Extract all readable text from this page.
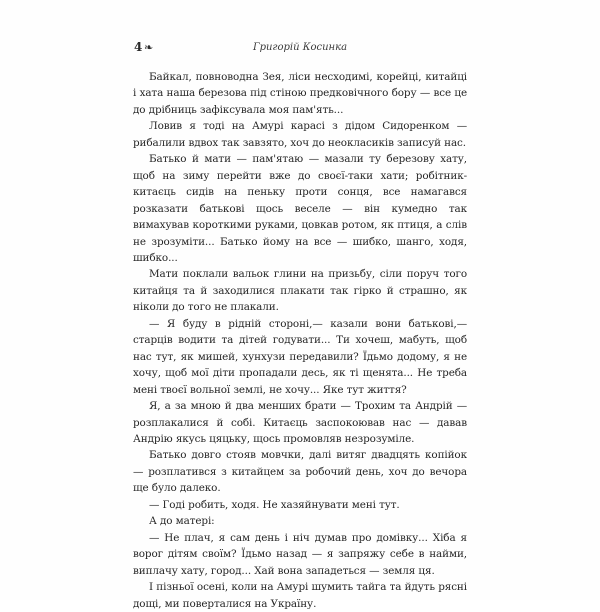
4 ❧	Григорій Косинка

Байкал, повноводна Зея, ліси несходимі, корейці, китайці і хата наша березова під стіною предковічного бору — все це до дрібниць зафіксувала моя пам'ять...

Ловив я тоді на Амурі карасі з дідом Сидоренком — рибалили вдвох так завзято, хоч до неокласиків записуй нас.

Батько й мати — пам'ятаю — мазали ту березову хату, щоб на зиму перейти вже до своєї-таки хати; робітник-китаєць сидів на пеньку проти сонця, все намагався розказати батькові щось веселе — він кумедно так вимахував короткими руками, цовкав ротом, як птиця, а слів не зрозуміти... Батько йому на все — шибко, шанго, ходя, шибко...

Мати поклали вальок глини на призьбу, сіли поруч того китайця та й заходилися плакати так гірко й страшно, як ніколи до того не плакали.

— Я буду в рідній стороні,— казали вони батькові,— старців водити та дітей годувати... Ти хочеш, мабуть, щоб нас тут, як мишей, хунхузи передавили? Їдьмо додому, я не хочу, щоб мої діти пропадали десь, як ті щенята... Не треба мені твоєї вольної землі, не хочу... Яке тут життя?

Я, а за мною й два менших брати — Трохим та Андрій — розплакалися й собі. Китаєць заспокоював нас — давав Андрію якусь цяцьку, щось промовляв незрозуміле.

Батько довго стояв мовчки, далі витяг двадцять копійок — розплатився з китайцем за робочий день, хоч до вечора ще було далеко.

— Годі робить, ходя. Не хазяйнувати мені тут.

А до матері:

— Не плач, я сам день і ніч думав про домівку... Хіба я ворог дітям своїм? Їдьмо назад — я запряжу себе в найми, виплачу хату, город... Хай вона западеться — земля ця.

І пізньої осені, коли на Амурі шумить тайга та йдуть рясні дощі, ми поверталися на Україну.
